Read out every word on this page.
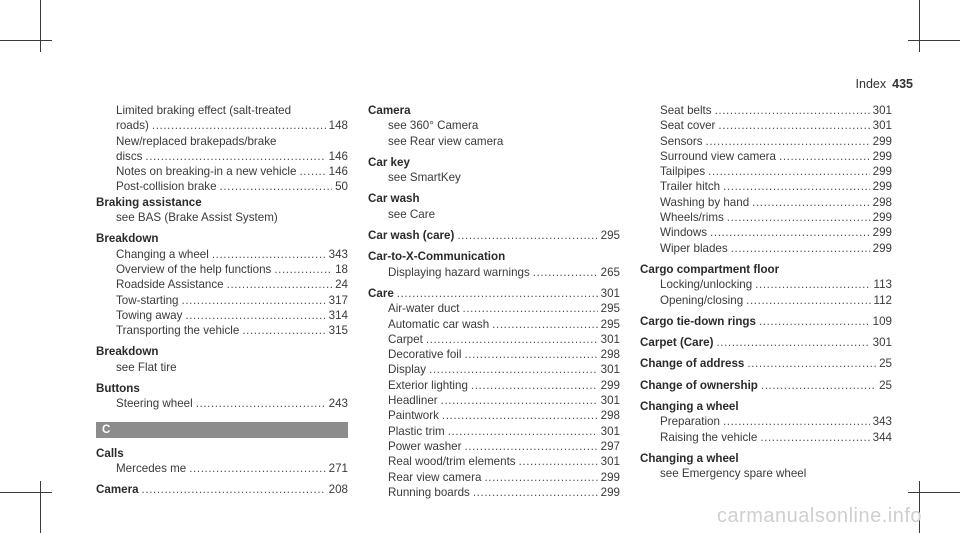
Index 435
Limited braking effect (salt-treated
roads) .....	148
New/replaced brakepads/brake
discs .....	146
Notes on breaking-in a new vehicle .....	146
Post-collision brake .....	50
Braking assistance
see BAS (Brake Assist System)
Breakdown
Changing a wheel .....	343
Overview of the help functions .....	18
Roadside Assistance .....	24
Tow-starting .....	317
Towing away .....	314
Transporting the vehicle .....	315
Breakdown
see Flat tire
Buttons
Steering wheel .....	243
C
Calls
Mercedes me .....	271
Camera .....	208
Camera
see 360° Camera
see Rear view camera
Car key
see SmartKey
Car wash
see Care
Car wash (care) .....	295
Car-to-X-Communication
Displaying hazard warnings .....	265
Care .....	301
Air-water duct .....	295
Automatic car wash .....	295
Carpet .....	301
Decorative foil .....	298
Display .....	301
Exterior lighting .....	299
Headliner .....	301
Paintwork .....	298
Plastic trim .....	301
Power washer .....	297
Real wood/trim elements .....	301
Rear view camera .....	299
Running boards .....	299
Seat belts .....	301
Seat cover .....	301
Sensors .....	299
Surround view camera .....	299
Tailpipes .....	299
Trailer hitch .....	299
Washing by hand .....	298
Wheels/rims .....	299
Windows .....	299
Wiper blades .....	299
Cargo compartment floor
Locking/unlocking .....	113
Opening/closing .....	112
Cargo tie-down rings .....	109
Carpet (Care) .....	301
Change of address .....	25
Change of ownership .....	25
Changing a wheel
Preparation .....	343
Raising the vehicle .....	344
Changing a wheel
see Emergency spare wheel
carmanualsonline.info
